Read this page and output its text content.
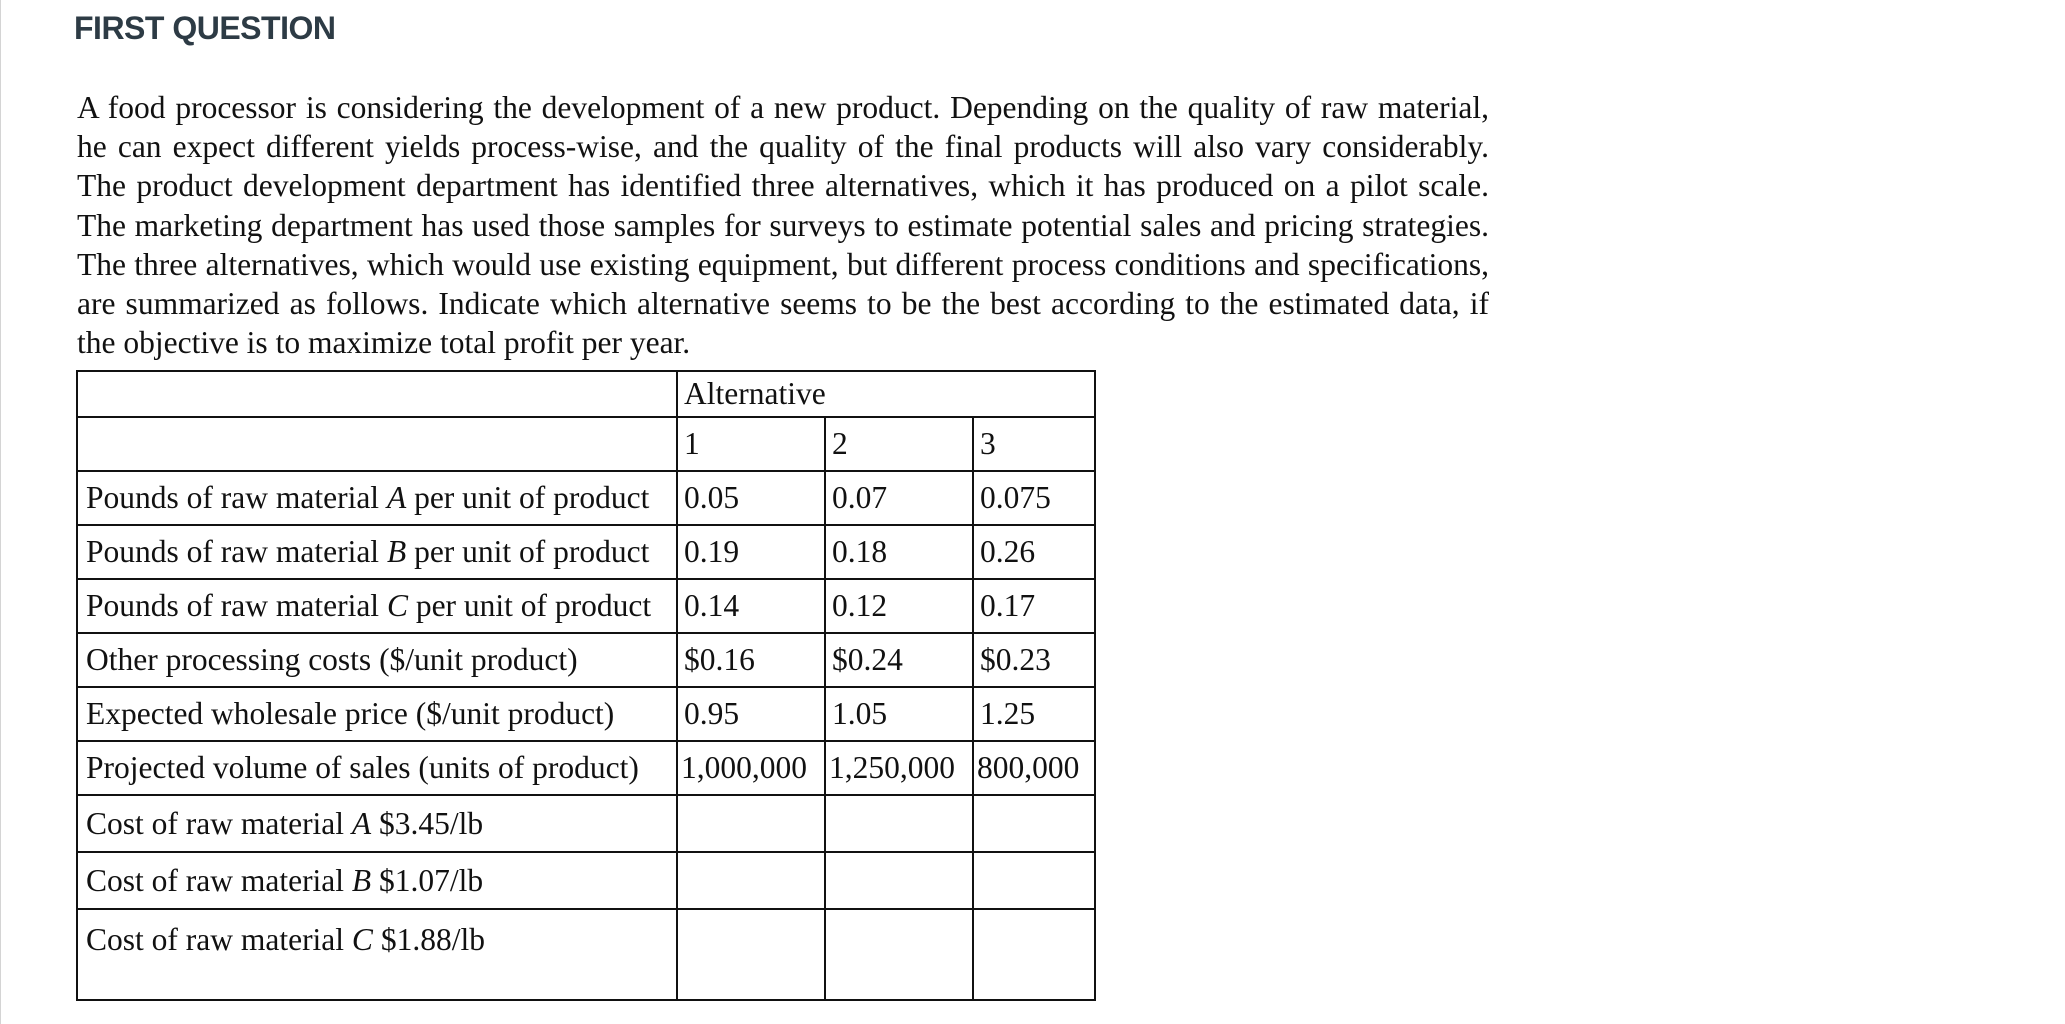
FIRST QUESTION
A food processor is considering the development of a new product. Depending on the quality of raw material, he can expect different yields process-wise, and the quality of the final products will also vary considerably. The product development department has identified three alternatives, which it has produced on a pilot scale. The marketing department has used those samples for surveys to estimate potential sales and pricing strategies. The three alternatives, which would use existing equipment, but different process conditions and specifications, are summarized as follows. Indicate which alternative seems to be the best according to the estimated data, if the objective is to maximize total profit per year.
	Alternative		
	1	2	3
Pounds of raw material A per unit of product	0.05	0.07	0.075
Pounds of raw material B per unit of product	0.19	0.18	0.26
Pounds of raw material C per unit of product	0.14	0.12	0.17
Other processing costs ($/unit product)	$0.16	$0.24	$0.23
Expected wholesale price ($/unit product)	0.95	1.05	1.25
Projected volume of sales (units of product)	1,000,000	1,250,000	800,000
Cost of raw material A $3.45/lb			
Cost of raw material B $1.07/lb			
Cost of raw material C $1.88/lb			
